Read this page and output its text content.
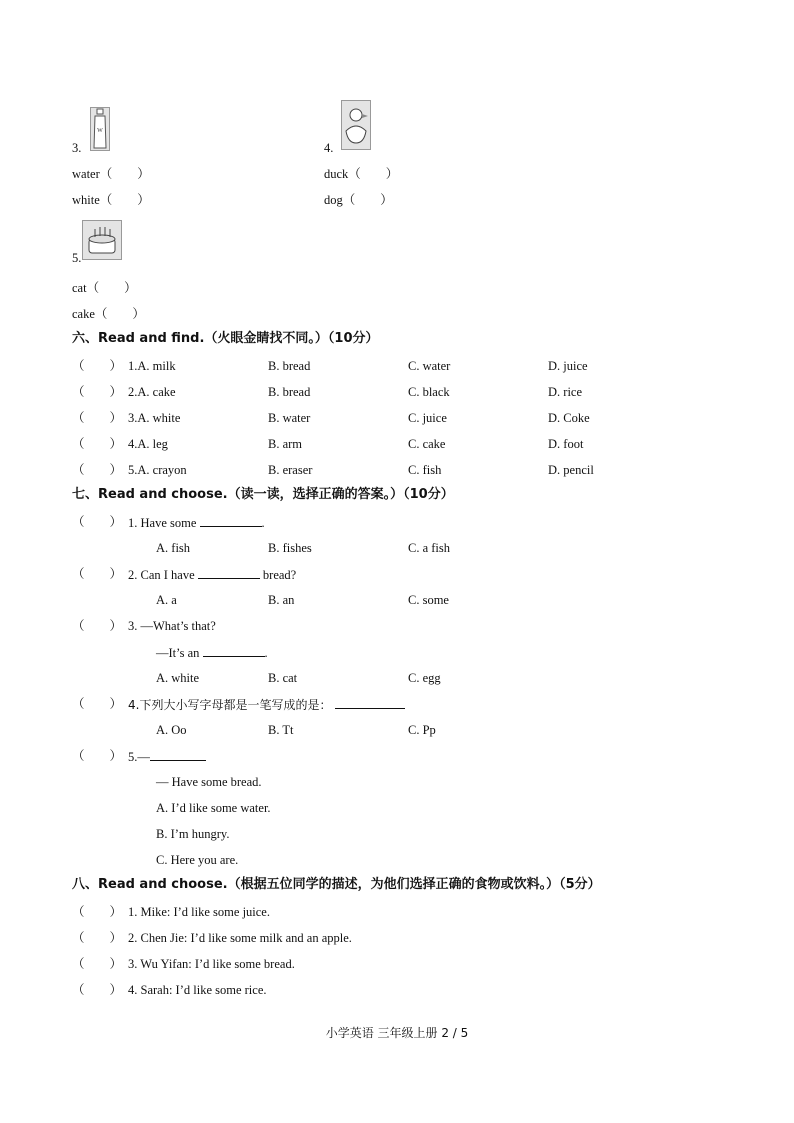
W
3.
water（　　）
white（　　）
4.
duck（　　）
dog（　　）
5.
cat（　　）
cake（　　）
六、Read and find.（火眼金睛找不同。）（10分）
（　　） 1.A. milk	B. bread	C. water	D. juice
（　　） 2.A. cake	B. bread	C. black	D. rice
（　　） 3.A. white	B. water	C. juice	D. Coke
（　　） 4.A. leg	B. arm	C. cake	D. foot
（　　） 5.A. crayon	B. eraser	C. fish	D. pencil
七、Read and choose.（读一读，选择正确的答案。）（10分）
（　　） 1. Have some	.
A. fish	B. fishes	C. a fish
（　　） 2. Can I have	bread?
A. a	B. an	C. some
（　　） 3. —What’s that?
—It’s an	.
A. white	B. cat	C. egg
（　　） 4.下列大小写字母都是一笔写成的是：
A. Oo	B. Tt	C. Pp
（　　） 5.—
— Have some bread.
A. I’d like some water.
B. I’m hungry.
C. Here you are.
八、Read and choose.（根据五位同学的描述，为他们选择正确的食物或饮料。）（5分）
（　　） 1. Mike: I’d like some juice.
（　　） 2. Chen Jie: I’d like some milk and an apple.
（　　） 3. Wu Yifan: I’d like some bread.
（　　） 4. Sarah: I’d like some rice.
小学英语 三年级上册 2 / 5
